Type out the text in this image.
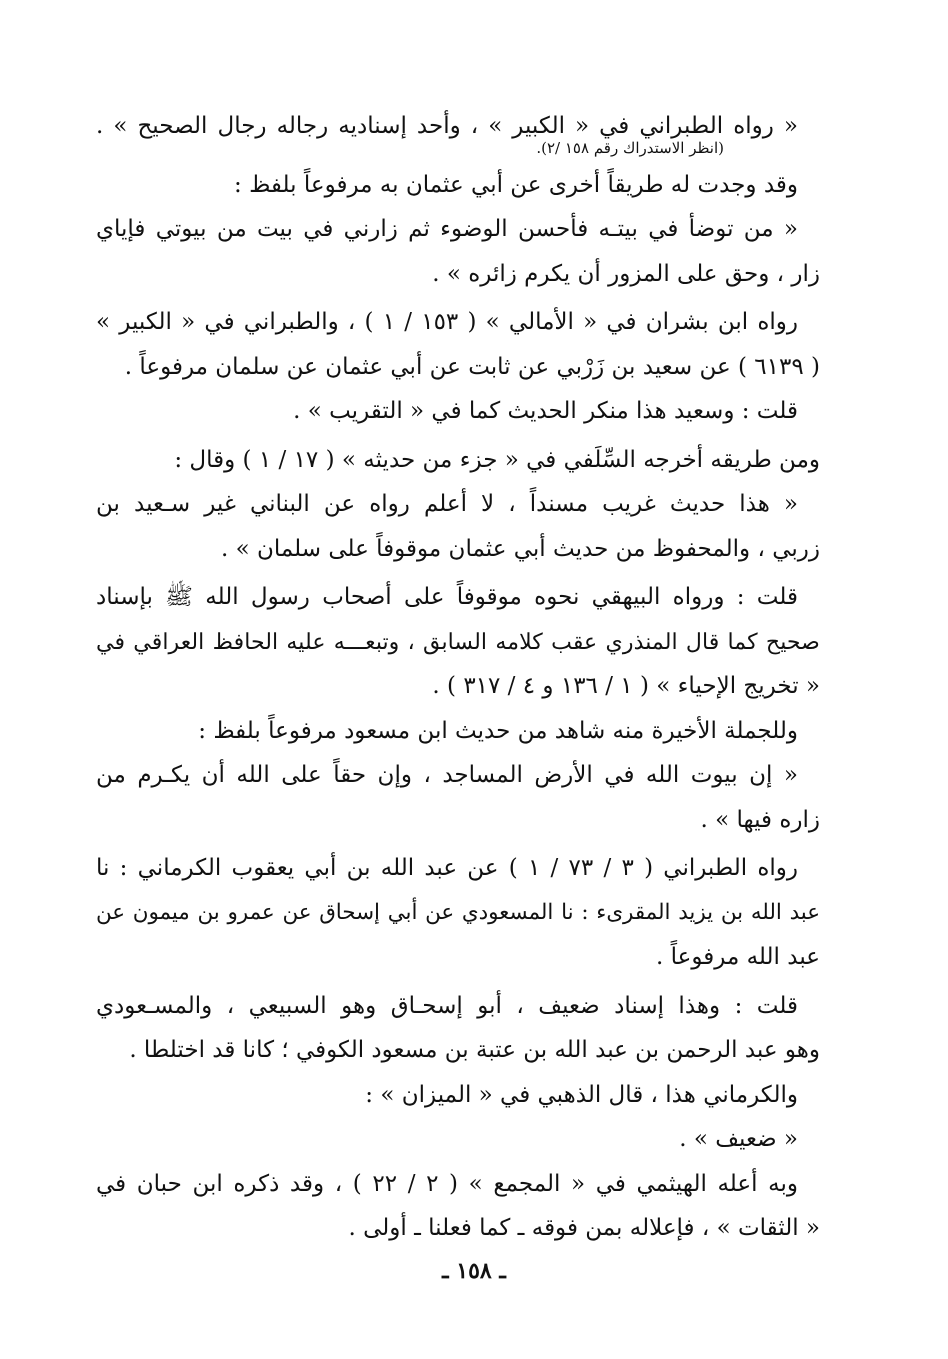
« رواه الطبراني في « الكبير » ، وأحد إسناديه رجاله رجال الصحيح » .
(انظر الاستدراك رقم ١٥٨ /٢).
وقد وجدت له طريقاً أخرى عن أبي عثمان به مرفوعاً بلفظ :
« من توضأ في بيتـه فأحسن الوضوء ثم زارني في بيت من بيوتي فإياي
زار ، وحق على المزور أن يكرم زائره » .
رواه ابن بشران في « الأمالي » ( ١٥٣ / ١ ) ، والطبراني في « الكبير »
( ٦١٣٩ ) عن سعيد بن زَرْبي عن ثابت عن أبي عثمان عن سلمان مرفوعاً .
قلت : وسعيد هذا منكر الحديث كما في « التقريب » .
ومن طريقه أخرجه السِّلَفي في « جزء من حديثه » ( ١٧ / ١ ) وقال :
« هذا حديث غريب مسنداً ، لا أعلم رواه عن البناني غير سـعيد بن
زربي ، والمحفوظ من حديث أبي عثمان موقوفاً على سلمان » .
قلت : ورواه البيهقي نحوه موقوفاً على أصحاب رسول الله ﷺ بإسناد
صحيح كما قال المنذري عقب كلامه السابق ، وتبعـــه عليه الحافظ العراقي في
« تخريج الإحياء » ( ١ / ١٣٦ و ٤ / ٣١٧ ) .
وللجملة الأخيرة منه شاهد من حديث ابن مسعود مرفوعاً بلفظ :
« إن بيوت الله في الأرض المساجد ، وإن حقاً على الله أن يكـرم من
زاره فيها » .
رواه الطبراني ( ٣ / ٧٣ / ١ ) عن عبد الله بن أبي يعقوب الكرماني : نا
عبد الله بن يزيد المقرىء : نا المسعودي عن أبي إسحاق عن عمرو بن ميمون عن
عبد الله مرفوعاً .
قلت : وهذا إسناد ضعيف ، أبو إسحـاق وهو السبيعي ، والمسـعودي
وهو عبد الرحمن بن عبد الله بن عتبة بن مسعود الكوفي ؛ كانا قد اختلطا .
والكرماني هذا ، قال الذهبي في « الميزان » :
« ضعيف » .
وبه أعله الهيثمي في « المجمع » ( ٢ / ٢٢ ) ، وقد ذكره ابن حبان في
« الثقات » ، فإعلاله بمن فوقه ـ كما فعلنا ـ أولى .
ـ ١٥٨ ـ
